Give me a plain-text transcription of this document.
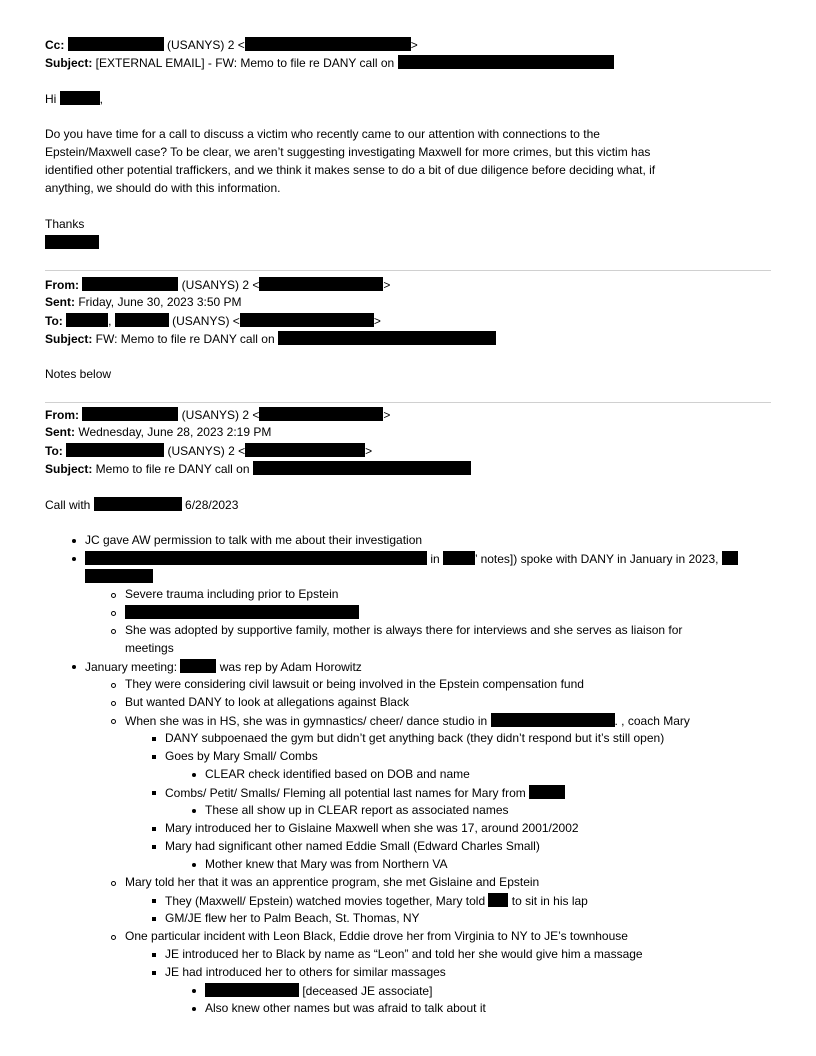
Cc:	(USANYS) 2 <	>
Subject: [EXTERNAL EMAIL] - FW: Memo to file re DANY call on
Hi	,
Do you have time for a call to discuss a victim who recently came to our attention with connections to the
Epstein/Maxwell case? To be clear, we aren’t suggesting investigating Maxwell for more crimes, but this victim has
identified other potential traffickers, and we think it makes sense to do a bit of due diligence before deciding what, if
anything, we should do with this information.
Thanks
From:	(USANYS) 2 <	>
Sent: Friday, June 30, 2023 3:50 PM
To:	,	(USANYS) <	>
Subject: FW: Memo to file re DANY call on
Notes below
From:	(USANYS) 2 <	>
Sent: Wednesday, June 28, 2023 2:19 PM
To:	(USANYS) 2 <	>
Subject: Memo to file re DANY call on
Call with	6/28/2023
JC gave AW permission to talk with me about their investigation
in	’ notes]) spoke with DANY in January in 2023,
Severe trauma including prior to Epstein
She was adopted by supportive family, mother is always there for interviews and she serves as liaison for
meetings
January meeting:	was rep by Adam Horowitz
They were considering civil lawsuit or being involved in the Epstein compensation fund
But wanted DANY to look at allegations against Black
When she was in HS, she was in gymnastics/ cheer/ dance studio in	. , coach Mary
DANY subpoenaed the gym but didn’t get anything back (they didn’t respond but it’s still open)
Goes by Mary Small/ Combs
CLEAR check identified based on DOB and name
Combs/ Petit/ Smalls/ Fleming all potential last names for Mary from
These all show up in CLEAR report as associated names
Mary introduced her to Gislaine Maxwell when she was 17, around 2001/2002
Mary had significant other named Eddie Small (Edward Charles Small)
Mother knew that Mary was from Northern VA
Mary told her that it was an apprentice program, she met Gislaine and Epstein
They (Maxwell/ Epstein) watched movies together, Mary told  to sit in his lap
GM/JE flew her to Palm Beach, St. Thomas, NY
One particular incident with Leon Black, Eddie drove her from Virginia to NY to JE’s townhouse
JE introduced her to Black by name as “Leon” and told her she would give him a massage
JE had introduced her to others for similar massages
[deceased JE associate]
Also knew other names but was afraid to talk about it
